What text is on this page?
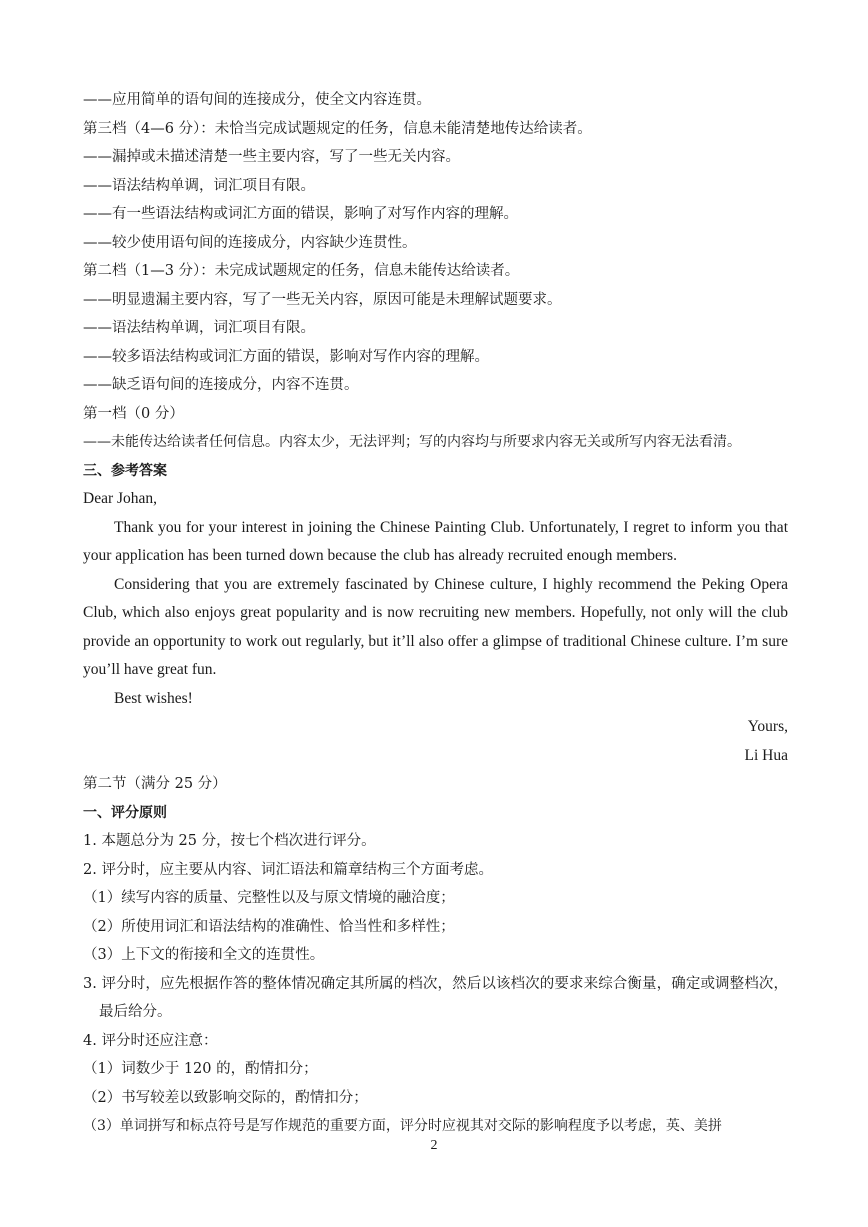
——应用简单的语句间的连接成分，使全文内容连贯。
第三档（4—6 分）：未恰当完成试题规定的任务，信息未能清楚地传达给读者。
——漏掉或未描述清楚一些主要内容，写了一些无关内容。
——语法结构单调，词汇项目有限。
——有一些语法结构或词汇方面的错误，影响了对写作内容的理解。
——较少使用语句间的连接成分，内容缺少连贯性。
第二档（1—3 分）：未完成试题规定的任务，信息未能传达给读者。
——明显遗漏主要内容，写了一些无关内容，原因可能是未理解试题要求。
——语法结构单调，词汇项目有限。
——较多语法结构或词汇方面的错误，影响对写作内容的理解。
——缺乏语句间的连接成分，内容不连贯。
第一档（0 分）
——未能传达给读者任何信息。内容太少，无法评判；写的内容均与所要求内容无关或所写内容无法看清。
三、参考答案
Dear Johan,
Thank you for your interest in joining the Chinese Painting Club. Unfortunately, I regret to inform you that your application has been turned down because the club has already recruited enough members.
Considering that you are extremely fascinated by Chinese culture, I highly recommend the Peking Opera Club, which also enjoys great popularity and is now recruiting new members. Hopefully, not only will the club provide an opportunity to work out regularly, but it’ll also offer a glimpse of traditional Chinese culture. I’m sure you’ll have great fun.
Best wishes!
Yours,
Li Hua
第二节（满分 25 分）
一、评分原则
1. 本题总分为 25 分，按七个档次进行评分。
2. 评分时，应主要从内容、词汇语法和篇章结构三个方面考虑。
（1）续写内容的质量、完整性以及与原文情境的融洽度；
（2）所使用词汇和语法结构的准确性、恰当性和多样性；
（3）上下文的衔接和全文的连贯性。
3. 评分时，应先根据作答的整体情况确定其所属的档次，然后以该档次的要求来综合衡量，确定或调整档次，最后给分。
4. 评分时还应注意：
（1）词数少于 120 的，酌情扣分；
（2）书写较差以致影响交际的，酌情扣分；
（3）单词拼写和标点符号是写作规范的重要方面，评分时应视其对交际的影响程度予以考虑，英、美拼
2
